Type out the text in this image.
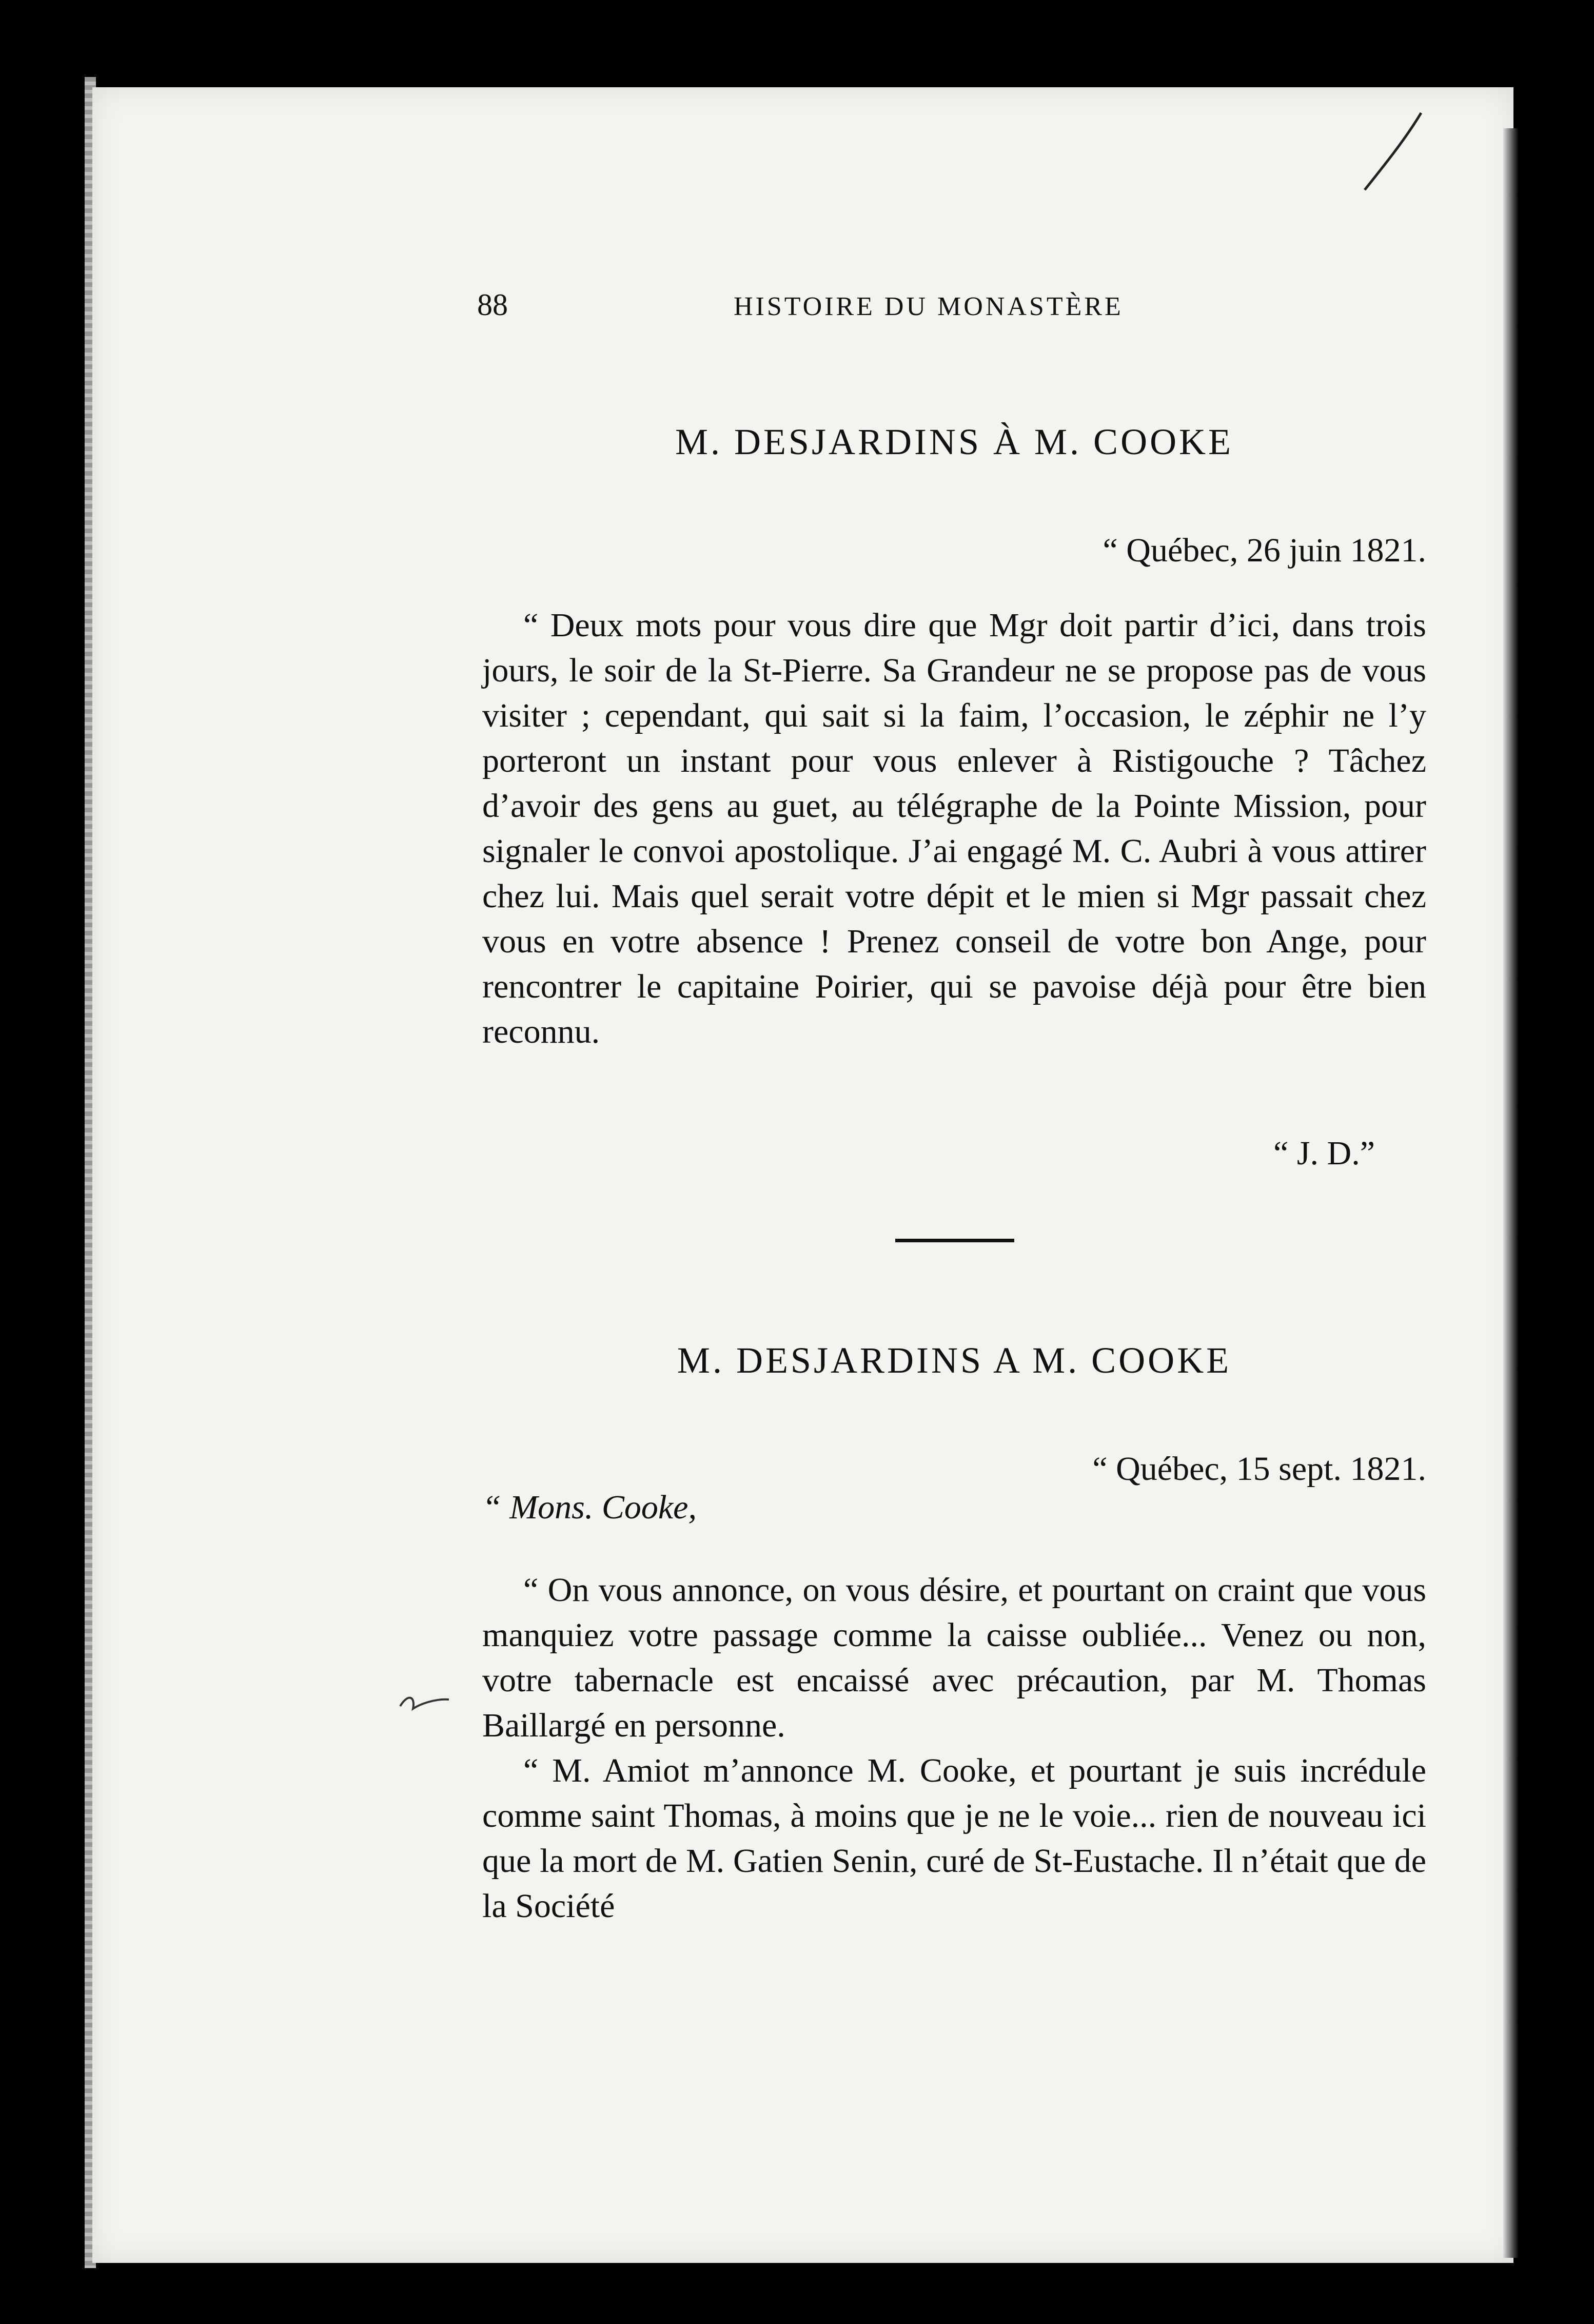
88	HISTOIRE DU MONASTÈRE
M. DESJARDINS À M. COOKE
“ Québec, 26 juin 1821.
“ Deux mots pour vous dire que Mgr doit partir d’ici, dans trois jours, le soir de la St-Pierre. Sa Grandeur ne se propose pas de vous visiter ; cependant, qui sait si la faim, l’occasion, le zéphir ne l’y porteront un instant pour vous enlever à Ristigouche ? Tâchez d’avoir des gens au guet, au télégraphe de la Pointe Mission, pour signaler le convoi apostolique. J’ai engagé M. C. Aubri à vous attirer chez lui. Mais quel serait votre dépit et le mien si Mgr passait chez vous en votre absence ! Prenez conseil de votre bon Ange, pour rencontrer le capitaine Poirier, qui se pavoise déjà pour être bien reconnu.
“ J. D.”
M. DESJARDINS A M. COOKE
“ Québec, 15 sept. 1821.
“ Mons. Cooke,
“ On vous annonce, on vous désire, et pourtant on craint que vous manquiez votre passage comme la caisse oubliée... Venez ou non, votre tabernacle est encaissé avec précaution, par M. Thomas Baillargé en personne.
“ M. Amiot m’annonce M. Cooke, et pourtant je suis incrédule comme saint Thomas, à moins que je ne le voie... rien de nouveau ici que la mort de M. Gatien Senin, curé de St-Eustache. Il n’était que de la Société
